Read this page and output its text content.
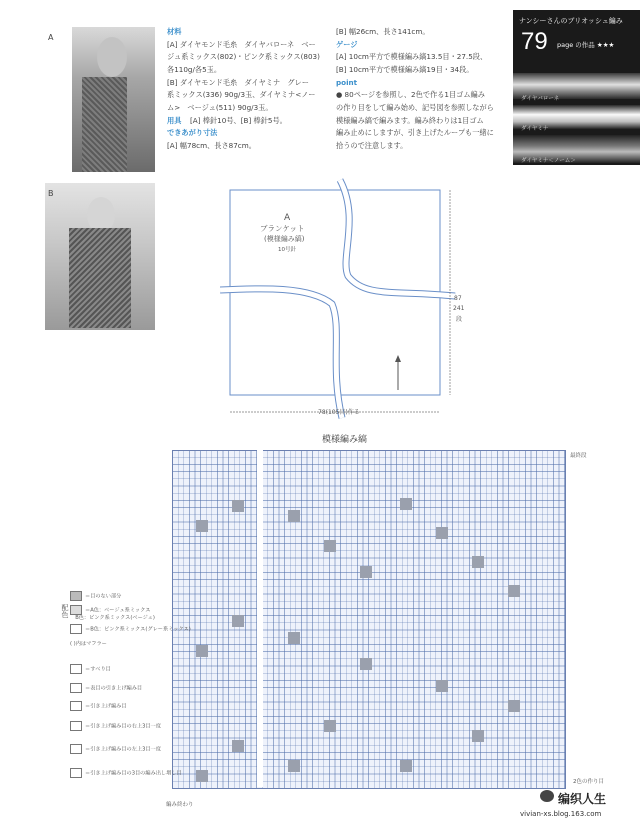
A
B
材料
[A] ダイヤモンド毛糸　ダイヤバローネ　ベー
ジュ系ミックス(802)・ピンク系ミックス(803)
各110g/各5玉。
[B] ダイヤモンド毛糸　ダイヤミナ　グレー
系ミックス(336) 90g/3玉、ダイヤミナ<ノー
ム>　ベージュ(511) 90g/3玉。
用具 [A] 棒針10号、[B] 棒針5号。
できあがり寸法
[A] 幅78cm、長さ87cm。
[B] 幅26cm、長さ141cm。
ゲージ
[A] 10cm平方で模様編み縞13.5目・27.5段、
[B] 10cm平方で模様編み縞19目・34段。
point
● 80ページを参照し、2色で作る1目ゴム編み
の作り目をして編み始め、記号図を参照しながら
模様編み縞で編みます。編み終わりは1目ゴム
編み止めにしますが、引き上げたループも一緒に
拾うので注意します。
ナンシーさんのブリオッシュ編み
79 page の作品 ★★★
ダイヤバローネ
ダイヤミナ
ダイヤミナ＜ノーム＞
A
ブランケット
(模様編み縞)
10号針
87
241
段
78(105目)作る
模様編み縞
最終段
2色の作り目
編み終わり
配色
＝目のない部分
＝A色：ベージュ系ミックス
　B色：ピンク系ミックス(ベージュ)
＝B色：ピンク系ミックス(グレー系ミックス)
( )内はマフラー
＝すべり目
＝表目の引き上げ編み目
＝引き上げ編み目
＝引き上げ編み目の右上3目一度
＝引き上げ編み目の左上3目一度
＝引き上げ編み目の3目の編み出し増し目
编织人生
vivian-xs.blog.163.com
